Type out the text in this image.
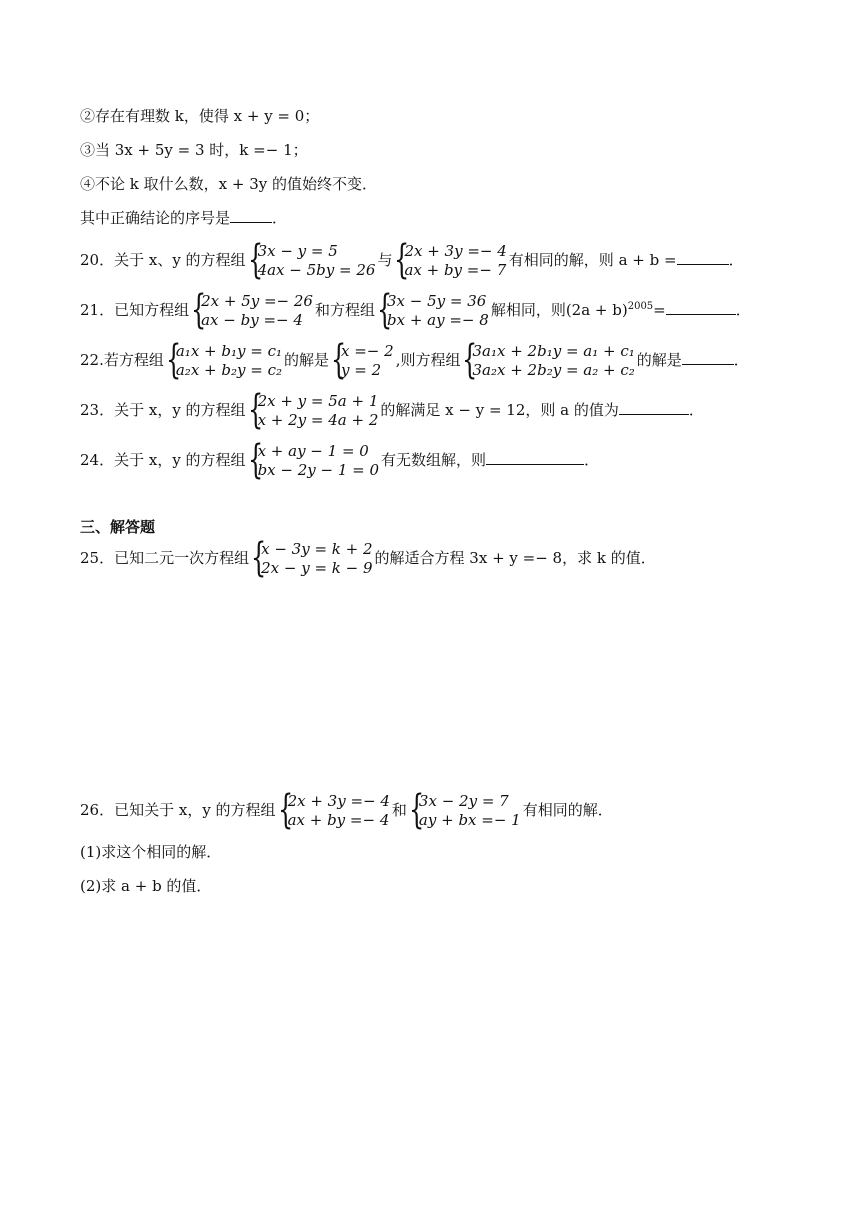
②存在有理数 k，使得 x + y = 0；
③当 3x + 5y = 3 时，k =− 1；
④不论 k 取什么数，x + 3y 的值始终不变．
其中正确结论的序号是	．
20．关于 x、y 的方程组 {
3x − y = 5
4ax − 5by = 26
与 {
2x + 3y =− 4
ax + by =− 7
有相同的解，则 a + b =	．
21．已知方程组 {
2x + 5y =− 26
ax − by =− 4
和方程组 {
3x − 5y = 36
bx + ay =− 8
解相同，则$(2a + b)^{2005}=$	．
22.若方程组 {
a₁x + b₁y = c₁
a₂x + b₂y = c₂
的解是 {
x =− 2
y = 2
,则方程组 {
3a₁x + 2b₁y = a₁ + c₁
3a₂x + 2b₂y = a₂ + c₂
的解是	．
23．关于 x，y 的方程组 {
2x + y = 5a + 1
x + 2y = 4a + 2
的解满足 x − y = 12，则 a 的值为	．
24．关于 x，y 的方程组 {
x + ay − 1 = 0
bx − 2y − 1 = 0
有无数组解，则	．
三、解答题
25．已知二元一次方程组 {
x − 3y = k + 2
2x − y = k − 9
的解适合方程 3x + y =− 8，求 k 的值．
26．已知关于 x，y 的方程组 {
2x + 3y =− 4
ax + by =− 4
和 {
3x − 2y = 7
ay + bx =− 1
有相同的解．
(1)求这个相同的解．
(2)求 a + b 的值．
